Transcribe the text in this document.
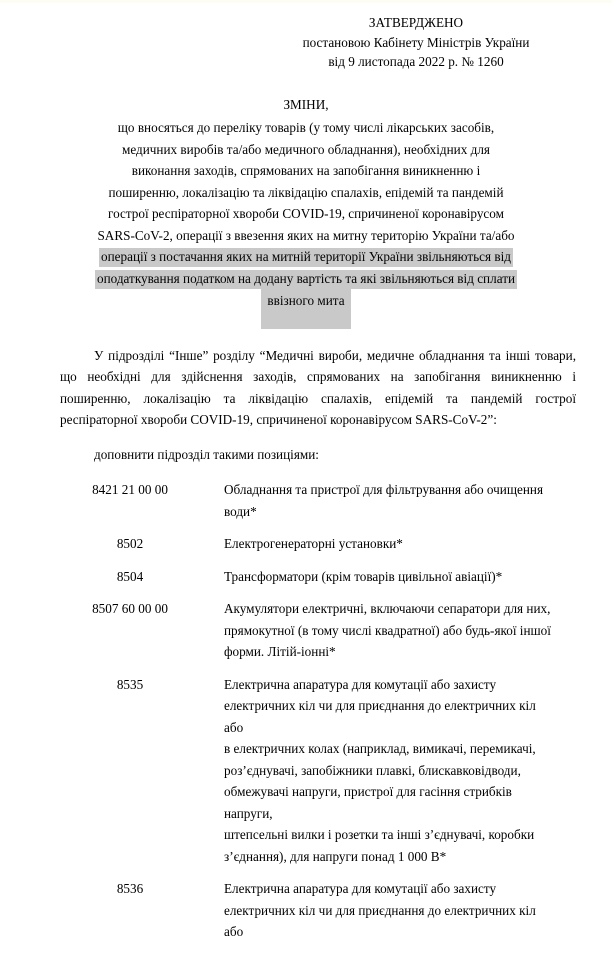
ЗАТВЕРДЖЕНО
постановою Кабінету Міністрів України
від 9 листопада 2022 р. № 1260
ЗМІНИ,
що вносяться до переліку товарів (у тому числі лікарських засобів,
медичних виробів та/або медичного обладнання), необхідних для
виконання заходів, спрямованих на запобігання виникненню і
поширенню, локалізацію та ліквідацію спалахів, епідемій та пандемій
гострої респіраторної хвороби COVID-19, спричиненої коронавірусом
SARS-CoV-2, операції з ввезення яких на митну територію України та/або
операції з постачання яких на митній території України звільняються від
оподаткування податком на додану вартість та які звільняються від сплати
ввізного мита
У підрозділі “Інше” розділу “Медичні вироби, медичне обладнання та інші товари, що необхідні для здійснення заходів, спрямованих на запобігання виникненню і поширенню, локалізацію та ліквідацію спалахів, епідемій та пандемій гострої респіраторної хвороби COVID-19, спричиненої коронавірусом SARS-CoV-2”:
доповнити підрозділ такими позиціями:
8421 21 00 00	Обладнання та пристрої для фільтрування або очищення
води*

8502	Електрогенераторні установки*

8504	Трансформатори (крім товарів цивільної авіації)*

8507 60 00 00	Акумулятори електричні, включаючи сепаратори для них,
прямокутної (в тому числі квадратної) або будь-якої іншої
форми. Літій-іонні*

8535	Електрична апаратура для комутації або захисту
електричних кіл чи для приєднання до електричних кіл або
в електричних колах (наприклад, вимикачі, перемикачі,
роз’єднувачі, запобіжники плавкі, блискавковідводи,
обмежувачі напруги, пристрої для гасіння стрибків напруги,
штепсельні вилки і розетки та інші з’єднувачі, коробки
з’єднання), для напруги понад 1 000 В*

8536	Електрична апаратура для комутації або захисту
електричних кіл чи для приєднання до електричних кіл або
